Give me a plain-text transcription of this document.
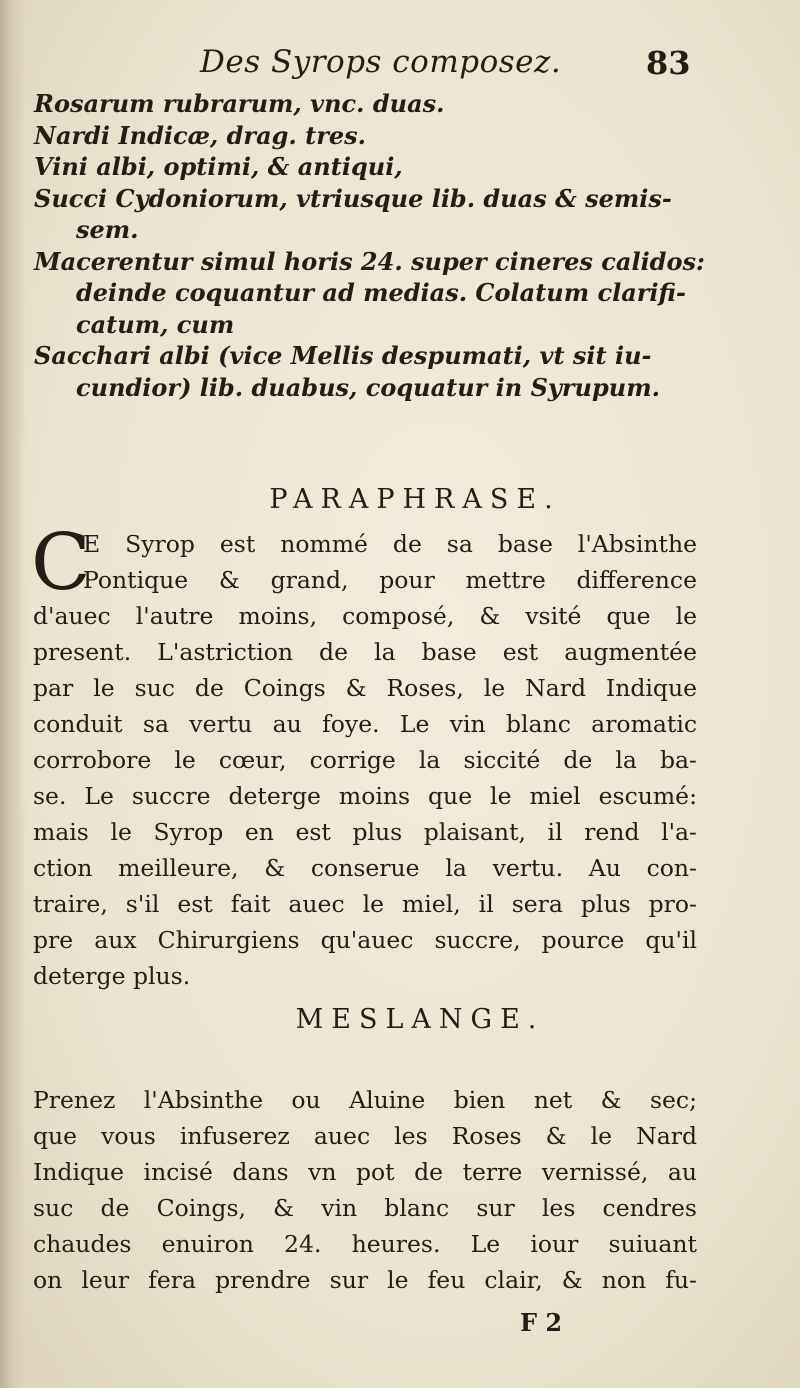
Des Syrops composez.	83
Rosarum rubrarum, vnc. duas.
Nardi Indicæ, drag. tres.
Vini albi, optimi, & antiqui,
Succi Cydoniorum, vtriusque lib. duas & semis-
sem.
Macerentur simul horis 24. super cineres calidos:
deinde coquantur ad medias. Colatum clarifi-
catum, cum
Sacchari albi (vice Mellis despumati, vt sit iu-
cundior) lib. duabus, coquatur in Syrupum.
PARAPHRASE.
C
E Syrop est nommé de sa base l'Absinthe
Pontique & grand, pour mettre difference
d'auec l'autre moins, composé, & vsité que le
present. L'astriction de la base est augmentée
par le suc de Coings & Roses, le Nard Indique
conduit sa vertu au foye. Le vin blanc aromatic
corrobore le cœur, corrige la siccité de la ba-
se. Le succre deterge moins que le miel escumé:
mais le Syrop en est plus plaisant, il rend l'a-
ction meilleure, & conserue la vertu. Au con-
traire, s'il est fait auec le miel, il sera plus pro-
pre aux Chirurgiens qu'auec succre, pource qu'il
deterge plus.
MESLANGE.
Prenez l'Absinthe ou Aluine bien net & sec;
que vous infuserez auec les Roses & le Nard
Indique incisé dans vn pot de terre vernissé, au
suc de Coings, & vin blanc sur les cendres
chaudes enuiron 24. heures. Le iour suiuant
on leur fera prendre sur le feu clair, & non fu-
F 2
